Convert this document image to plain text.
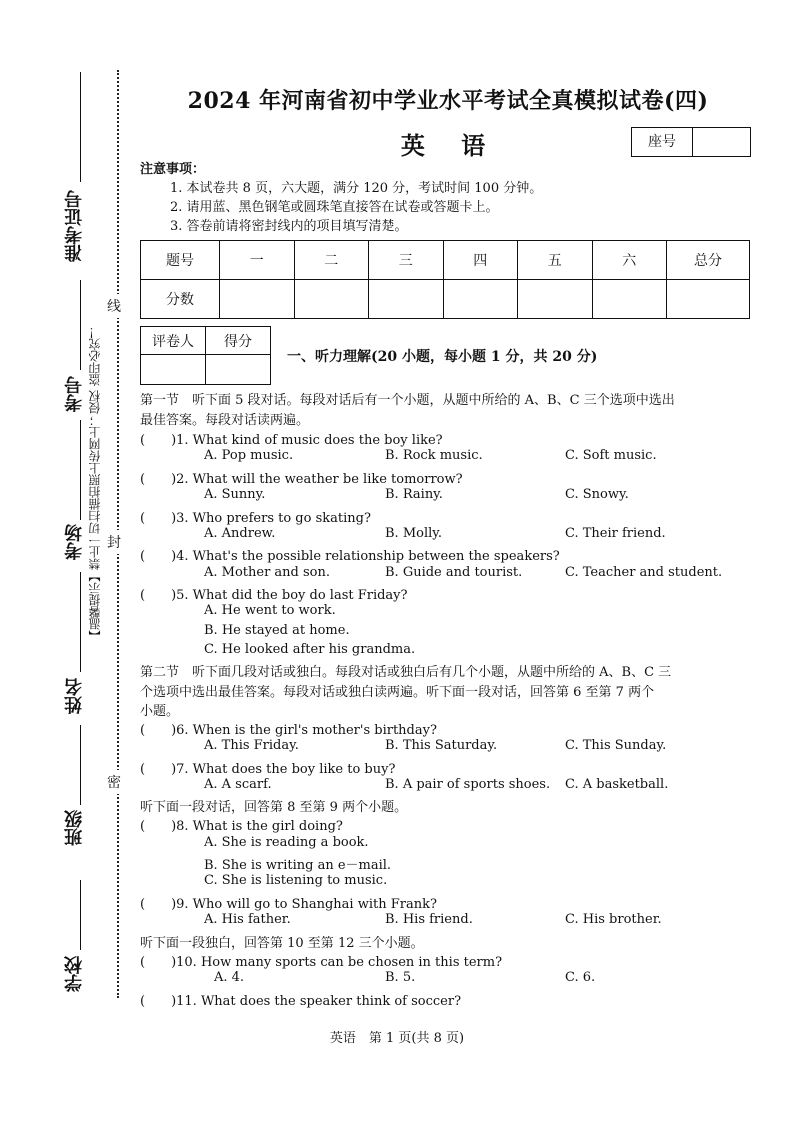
准考证号
考号
考场
姓名
班级
学校
【温馨提示】禁止一切扫描拍照上传网上；侵权 盗印必究！
线
封
密
2024 年河南省初中学业水平考试全真模拟试卷(四)
英 语	座号
注意事项：
1. 本试卷共 8 页，六大题，满分 120 分，考试时间 100 分钟。
2. 请用蓝、黑色钢笔或圆珠笔直接答在试卷或答题卡上。
3. 答卷前请将密封线内的项目填写清楚。
题号	一	二	三	四	五	六	总分
分数							
评卷人	得分

一、听力理解(20 小题，每小题 1 分，共 20 分)
第一节　听下面 5 段对话。每段对话后有一个小题，从题中所给的 A、B、C 三个选项中选出
最佳答案。每段对话读两遍。
(　　)1. What kind of music does the boy like?
A. Pop music.	B. Rock music.	C. Soft music.
(　　)2. What will the weather be like tomorrow?
A. Sunny.	B. Rainy.	C. Snowy.
(　　)3. Who prefers to go skating?
A. Andrew.	B. Molly.	C. Their friend.
(　　)4. What's the possible relationship between the speakers?
A. Mother and son.	B. Guide and tourist.	C. Teacher and student.
(　　)5. What did the boy do last Friday?
A. He went to work.
B. He stayed at home.
C. He looked after his grandma.
第二节　听下面几段对话或独白。每段对话或独白后有几个小题，从题中所给的 A、B、C 三
个选项中选出最佳答案。每段对话或独白读两遍。听下面一段对话，回答第 6 至第 7 两个
小题。
(　　)6. When is the girl's mother's birthday?
A. This Friday.	B. This Saturday.	C. This Sunday.
(　　)7. What does the boy like to buy?
A. A scarf.	B. A pair of sports shoes. C. A basketball.
听下面一段对话，回答第 8 至第 9 两个小题。
(　　)8. What is the girl doing?
A. She is reading a book.
B. She is writing an e－mail.
C. She is listening to music.
(　　)9. Who will go to Shanghai with Frank?
A. His father.	B. His friend.	C. His brother.
听下面一段独白，回答第 10 至第 12 三个小题。
(　　)10. How many sports can be chosen in this term?
A. 4.	B. 5.	C. 6.
(　　)11. What does the speaker think of soccer?
英语　第 1 页(共 8 页)
